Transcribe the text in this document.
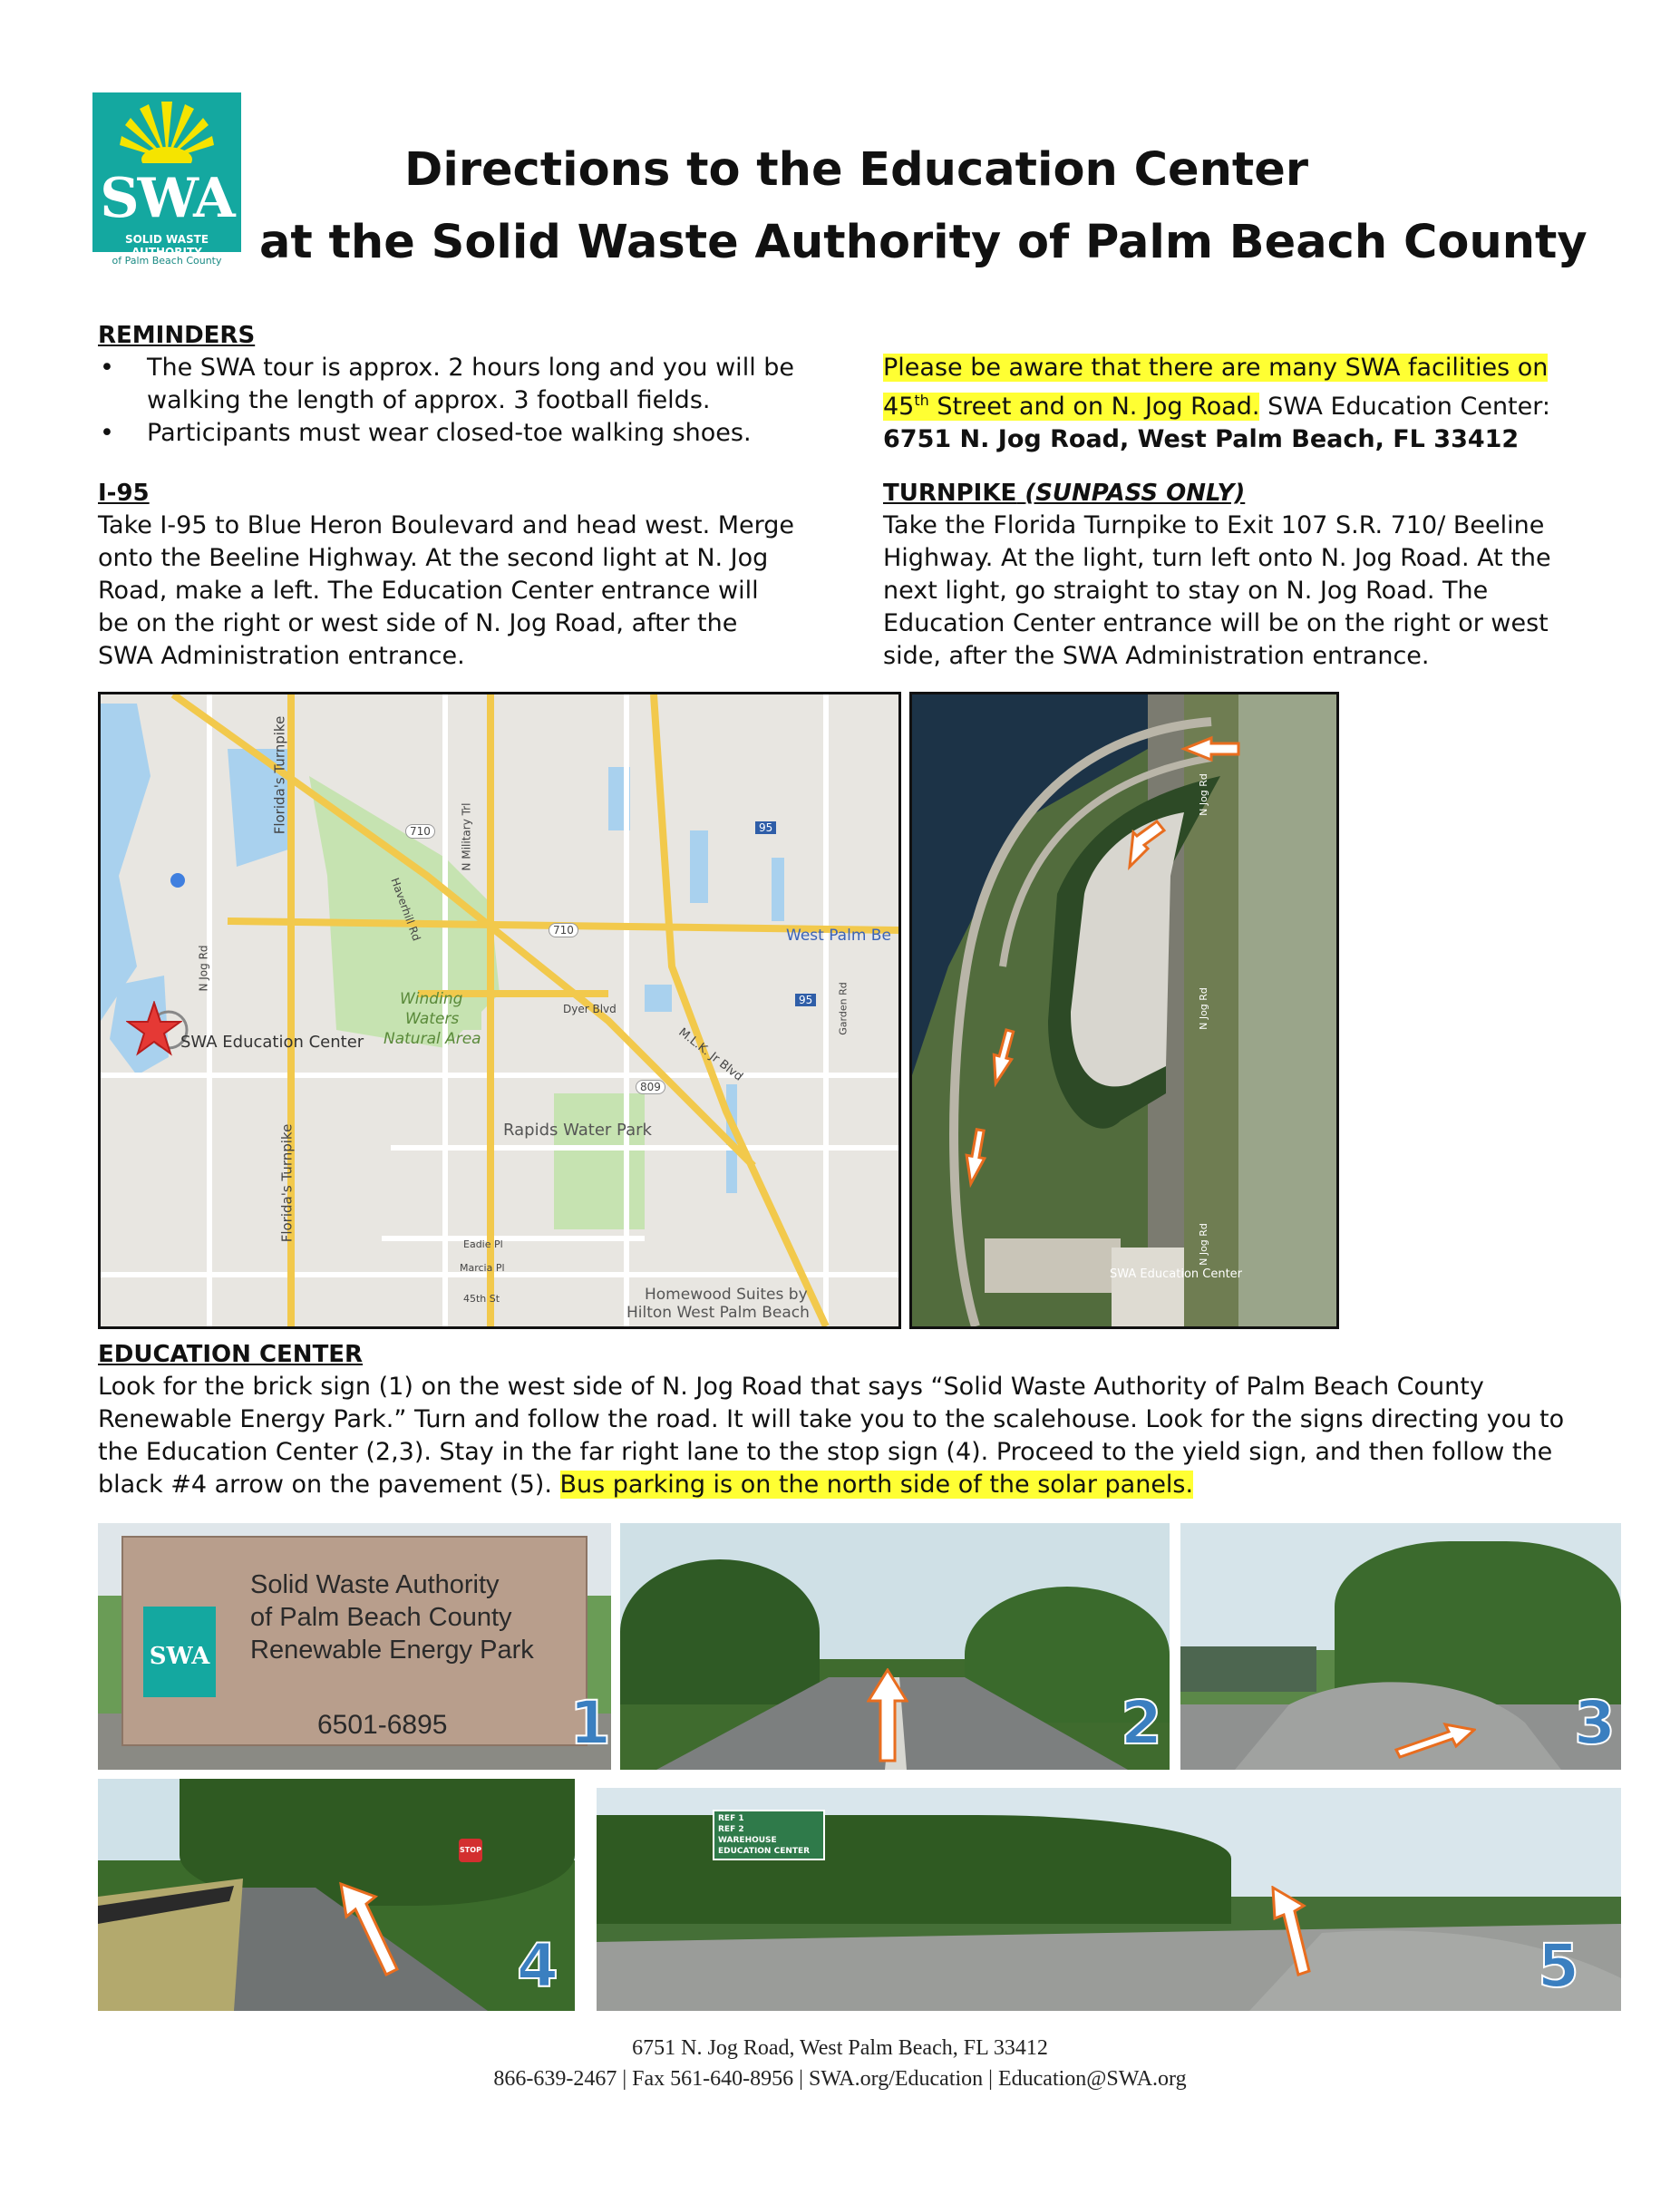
SWA
SOLID WASTE
of Palm Beach County
Directions to the Education Center
at the Solid Waste Authority of Palm Beach County
REMINDERS
• The SWA tour is approx. 2 hours long and you will be walking the length of approx. 3 football fields.
• Participants must wear closed-toe walking shoes.
Please be aware that there are many SWA facilities on
45th Street and on N. Jog Road. SWA Education Center:
6751 N. Jog Road, West Palm Beach, FL 33412
I-95
Take I-95 to Blue Heron Boulevard and head west. Merge onto the Beeline Highway. At the second light at N. Jog Road, make a left. The Education Center entrance will be on the right or west side of N. Jog Road, after the SWA Administration entrance.
TURNPIKE (SUNPASS ONLY)
Take the Florida Turnpike to Exit 107 S.R. 710/ Beeline Highway. At the light, turn left onto N. Jog Road. At the next light, go straight to stay on N. Jog Road. The Education Center entrance will be on the right or west side, after the SWA Administration entrance.
SWA Education Center
Winding
Waters
Natural Area
Rapids Water Park
West Palm Be
Homewood Suites by
Hilton West Palm Beach
Florida's Turnpike
Florida's Turnpike
N Jog Rd
N Military Trl
Haverhill Rd
Garden Rd
Dyer Blvd
M.L.K. Jr Blvd
Eadie Pl
Marcia Pl
45th St
710
710
809
95
95
SWA Education Center
N Jog Rd
N Jog Rd
N Jog Rd
EDUCATION CENTER
Look for the brick sign (1) on the west side of N. Jog Road that says “Solid Waste Authority of Palm Beach County Renewable Energy Park.” Turn and follow the road. It will take you to the scalehouse. Look for the signs directing you to the Education Center (2,3). Stay in the far right lane to the stop sign (4). Proceed to the yield sign, and then follow the black #4 arrow on the pavement (5). Bus parking is on the north side of the solar panels.
SWA
Solid Waste Authority
of Palm Beach County
Renewable Energy Park
6501-6895 1	2	3
STOP
4
REF 1
REF 2
WAREHOUSE
EDUCATION CENTER
5
6751 N. Jog Road, West Palm Beach, FL 33412
866-639-2467 | Fax 561-640-8956 | SWA.org/Education | Education@SWA.org
